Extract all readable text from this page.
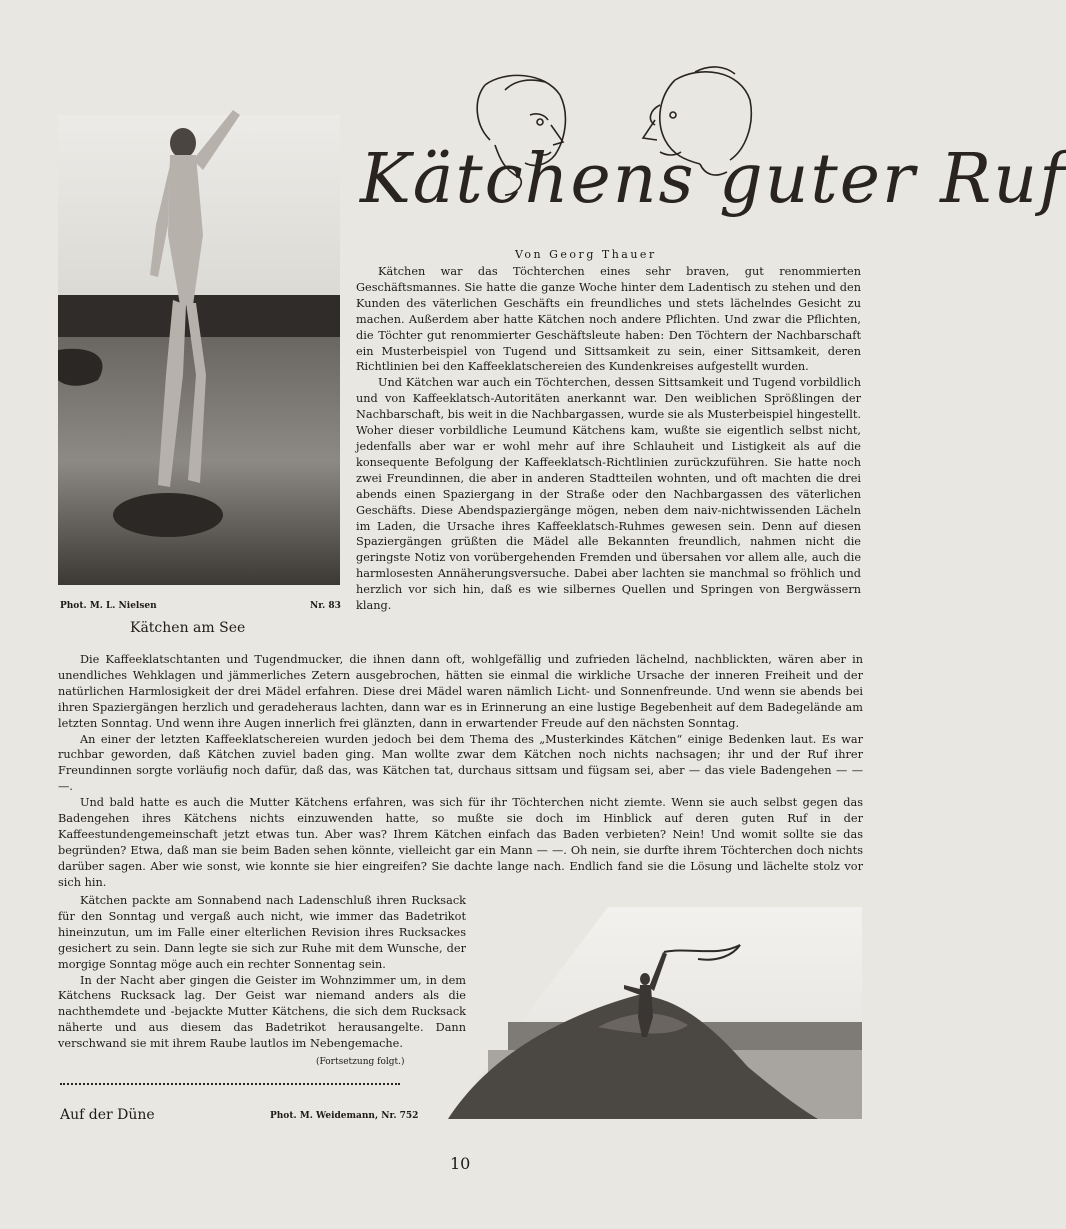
Kätchens guter Ruf
Von Georg Thauer
Phot. M. L. Nielsen	Nr. 83
Kätchen am See

Kätchen war das Töchterchen eines sehr braven, gut renommierten Geschäftsmannes. Sie hatte die ganze Woche hinter dem Ladentisch zu stehen und den Kunden des väterlichen Geschäfts ein freundliches und stets lächelndes Gesicht zu machen. Außerdem aber hatte Kätchen noch andere Pflichten. Und zwar die Pflichten, die Töchter gut renommierter Geschäftsleute haben: Den Töchtern der Nachbarschaft ein Musterbeispiel von Tugend und Sittsamkeit zu sein, einer Sittsamkeit, deren Richtlinien bei den Kaffeeklatschereien des Kundenkreises aufgestellt wurden.

Und Kätchen war auch ein Töchterchen, dessen Sittsamkeit und Tugend vorbildlich und von Kaffeeklatsch-Autoritäten anerkannt war. Den weiblichen Sprößlingen der Nachbarschaft, bis weit in die Nachbargassen, wurde sie als Musterbeispiel hingestellt. Woher dieser vorbildliche Leumund Kätchens kam, wußte sie eigentlich selbst nicht, jedenfalls aber war er wohl mehr auf ihre Schlauheit und Listigkeit als auf die konsequente Befolgung der Kaffeeklatsch-Richtlinien zurückzuführen. Sie hatte noch zwei Freundinnen, die aber in anderen Stadtteilen wohnten, und oft machten die drei abends einen Spaziergang in der Straße oder den Nachbargassen des väterlichen Geschäfts. Diese Abendspaziergänge mögen, neben dem naiv-nichtwissenden Lächeln im Laden, die Ursache ihres Kaffeeklatsch-Ruhmes gewesen sein. Denn auf diesen Spaziergängen grüßten die Mädel alle Bekannten freundlich, nahmen nicht die geringste Notiz von vorübergehenden Fremden und übersahen vor allem alle, auch die harmlosesten Annäherungsversuche. Dabei aber lachten sie manchmal so fröhlich und herzlich vor sich hin, daß es wie silbernes Quellen und Springen von Bergwässern klang.

Die Kaffeeklatschtanten und Tugendmucker, die ihnen dann oft, wohlgefällig und zufrieden lächelnd, nachblickten, wären aber in unendliches Wehklagen und jämmerliches Zetern ausgebrochen, hätten sie einmal die wirkliche Ursache der inneren Freiheit und der natürlichen Harmlosigkeit der drei Mädel erfahren. Diese drei Mädel waren nämlich Licht- und Sonnenfreunde. Und wenn sie abends bei ihren Spaziergängen herzlich und geradeheraus lachten, dann war es in Erinnerung an eine lustige Begebenheit auf dem Badegelände am letzten Sonntag. Und wenn ihre Augen innerlich frei glänzten, dann in erwartender Freude auf den nächsten Sonntag.

An einer der letzten Kaffeeklatschereien wurden jedoch bei dem Thema des „Musterkindes Kätchen“ einige Bedenken laut. Es war ruchbar geworden, daß Kätchen zuviel baden ging. Man wollte zwar dem Kätchen noch nichts nachsagen; ihr und der Ruf ihrer Freundinnen sorgte vorläufig noch dafür, daß das, was Kätchen tat, durchaus sittsam und fügsam sei, aber — das viele Badengehen — — —.

Und bald hatte es auch die Mutter Kätchens erfahren, was sich für ihr Töchterchen nicht ziemte. Wenn sie auch selbst gegen das Badengehen ihres Kätchens nichts einzuwenden hatte, so mußte sie doch im Hinblick auf deren guten Ruf in der Kaffeestundengemeinschaft jetzt etwas tun. Aber was? Ihrem Kätchen einfach das Baden verbieten? Nein! Und womit sollte sie das begründen? Etwa, daß man sie beim Baden sehen könnte, vielleicht gar ein Mann — —. Oh nein, sie durfte ihrem Töchterchen doch nichts darüber sagen. Aber wie sonst, wie konnte sie hier eingreifen? Sie dachte lange nach. Endlich fand sie die Lösung und lächelte stolz vor sich hin.

Kätchen packte am Sonnabend nach Ladenschluß ihren Rucksack für den Sonntag und vergaß auch nicht, wie immer das Badetrikot hineinzutun, um im Falle einer elterlichen Revision ihres Rucksackes gesichert zu sein. Dann legte sie sich zur Ruhe mit dem Wunsche, der morgige Sonntag möge auch ein rechter Sonnentag sein.

In der Nacht aber gingen die Geister im Wohnzimmer um, in dem Kätchens Rucksack lag. Der Geist war niemand anders als die nachthemdete und -bejackte Mutter Kätchens, die sich dem Rucksack näherte und aus diesem das Badetrikot herausangelte. Dann verschwand sie mit ihrem Raube lautlos im Nebengemache.

(Fortsetzung folgt.)
Auf der Düne	Phot. M. Weidemann, Nr. 752
10
